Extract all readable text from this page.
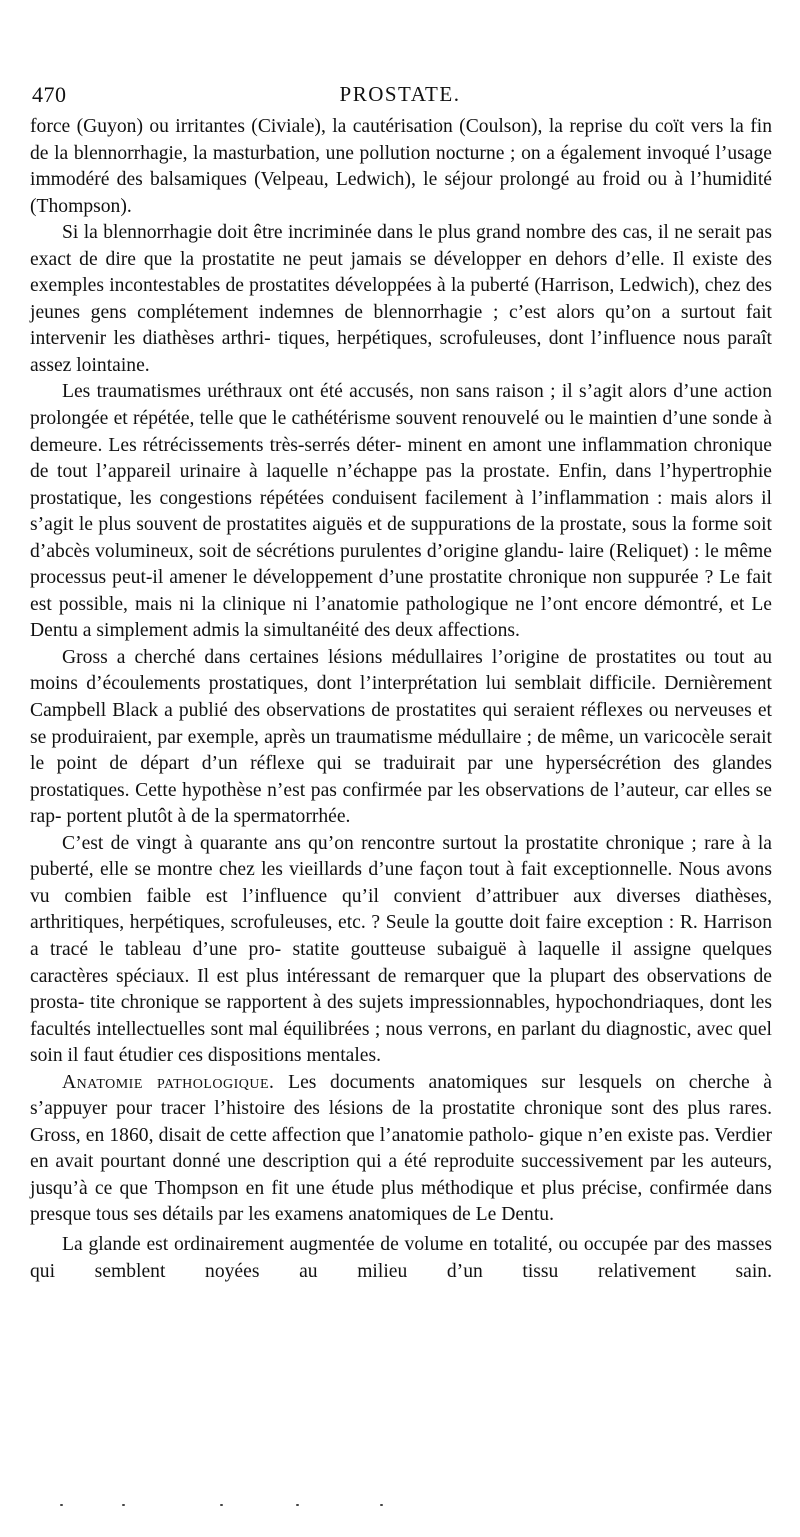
470	PROSTATE.

force (Guyon) ou irritantes (Civiale), la cautérisation (Coulson), la reprise du coït vers la fin de la blennorrhagie, la masturbation, une pollution nocturne ; on a également invoqué l’usage immodéré des balsamiques (Velpeau, Ledwich), le séjour prolongé au froid ou à l’humidité (Thompson).

Si la blennorrhagie doit être incriminée dans le plus grand nombre des cas, il ne serait pas exact de dire que la prostatite ne peut jamais se développer en dehors d’elle. Il existe des exemples incontestables de prostatites développées à la puberté (Harrison, Ledwich), chez des jeunes gens complétement indemnes de blennorrhagie ; c’est alors qu’on a surtout fait intervenir les diathèses arthri- tiques, herpétiques, scrofuleuses, dont l’influence nous paraît assez lointaine.

Les traumatismes uréthraux ont été accusés, non sans raison ; il s’agit alors d’une action prolongée et répétée, telle que le cathétérisme souvent renouvelé ou le maintien d’une sonde à demeure. Les rétrécissements très-serrés déter- minent en amont une inflammation chronique de tout l’appareil urinaire à laquelle n’échappe pas la prostate. Enfin, dans l’hypertrophie prostatique, les congestions répétées conduisent facilement à l’inflammation : mais alors il s’agit le plus souvent de prostatites aiguës et de suppurations de la prostate, sous la forme soit d’abcès volumineux, soit de sécrétions purulentes d’origine glandu- laire (Reliquet) : le même processus peut-il amener le développement d’une prostatite chronique non suppurée ? Le fait est possible, mais ni la clinique ni l’anatomie pathologique ne l’ont encore démontré, et Le Dentu a simplement admis la simultanéité des deux affections.

Gross a cherché dans certaines lésions médullaires l’origine de prostatites ou tout au moins d’écoulements prostatiques, dont l’interprétation lui semblait difficile. Dernièrement Campbell Black a publié des observations de prostatites qui seraient réflexes ou nerveuses et se produiraient, par exemple, après un traumatisme médullaire ; de même, un varicocèle serait le point de départ d’un réflexe qui se traduirait par une hypersécrétion des glandes prostatiques. Cette hypothèse n’est pas confirmée par les observations de l’auteur, car elles se rap- portent plutôt à de la spermatorrhée.

C’est de vingt à quarante ans qu’on rencontre surtout la prostatite chronique ; rare à la puberté, elle se montre chez les vieillards d’une façon tout à fait exceptionnelle. Nous avons vu combien faible est l’influence qu’il convient d’attribuer aux diverses diathèses, arthritiques, herpétiques, scrofuleuses, etc. ? Seule la goutte doit faire exception : R. Harrison a tracé le tableau d’une pro- statite goutteuse subaiguë à laquelle il assigne quelques caractères spéciaux. Il est plus intéressant de remarquer que la plupart des observations de prosta- tite chronique se rapportent à des sujets impressionnables, hypochondriaques, dont les facultés intellectuelles sont mal équilibrées ; nous verrons, en parlant du diagnostic, avec quel soin il faut étudier ces dispositions mentales.

Anatomie pathologique. Les documents anatomiques sur lesquels on cherche à s’appuyer pour tracer l’histoire des lésions de la prostatite chronique sont des plus rares. Gross, en 1860, disait de cette affection que l’anatomie patholo- gique n’en existe pas. Verdier en avait pourtant donné une description qui a été reproduite successivement par les auteurs, jusqu’à ce que Thompson en fit une étude plus méthodique et plus précise, confirmée dans presque tous ses détails par les examens anatomiques de Le Dentu.

La glande est ordinairement augmentée de volume en totalité, ou occupée par des masses qui semblent noyées au milieu d’un tissu relativement sain.
